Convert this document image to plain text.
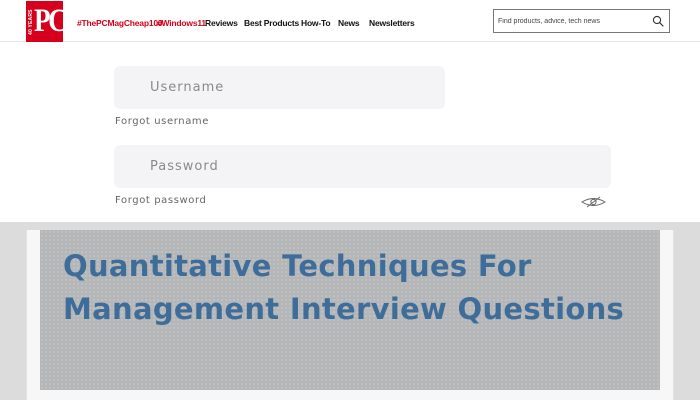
40 YEARS PC #ThePCMagCheap100
#Windows11 Reviews Best Products How-To News Newsletters
Find products, advice, tech news
Username
Forgot username
Forgot password
Quantitative Techniques For Management Interview Questions
